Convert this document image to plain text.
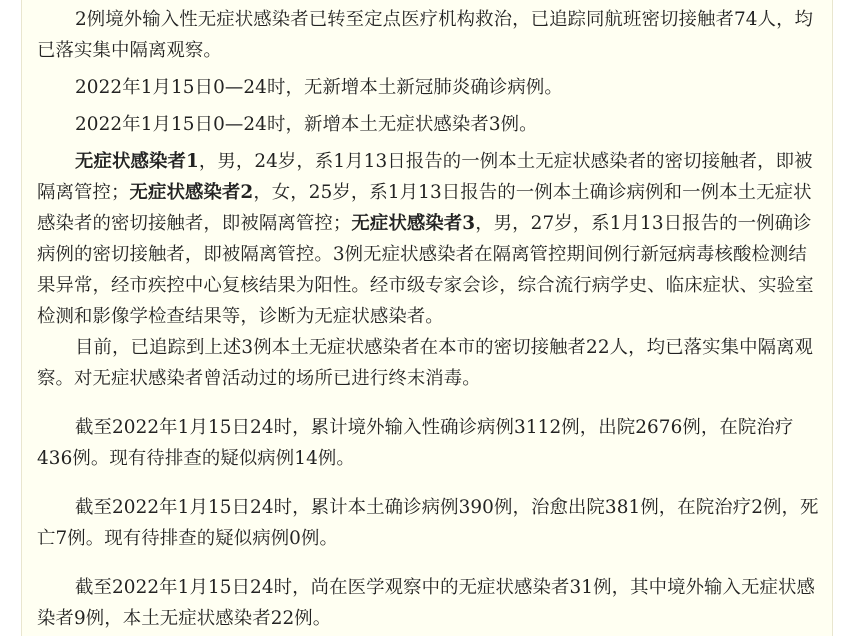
2例境外输入性无症状感染者已转至定点医疗机构救治，已追踪同航班密切接触者74人，均已落实集中隔离观察。

2022年1月15日0—24时，无新增本土新冠肺炎确诊病例。

2022年1月15日0—24时，新增本土无症状感染者3例。

无症状感染者1，男，24岁，系1月13日报告的一例本土无症状感染者的密切接触者，即被隔离管控；无症状感染者2，女，25岁，系1月13日报告的一例本土确诊病例和一例本土无症状感染者的密切接触者，即被隔离管控；无症状感染者3，男，27岁，系1月13日报告的一例确诊病例的密切接触者，即被隔离管控。3例无症状感染者在隔离管控期间例行新冠病毒核酸检测结果异常，经市疾控中心复核结果为阳性。经市级专家会诊，综合流行病学史、临床症状、实验室检测和影像学检查结果等，诊断为无症状感染者。

目前，已追踪到上述3例本土无症状感染者在本市的密切接触者22人，均已落实集中隔离观察。对无症状感染者曾活动过的场所已进行终末消毒。

截至2022年1月15日24时，累计境外输入性确诊病例3112例，出院2676例，在院治疗436例。现有待排查的疑似病例14例。

截至2022年1月15日24时，累计本土确诊病例390例，治愈出院381例，在院治疗2例，死亡7例。现有待排查的疑似病例0例。

截至2022年1月15日24时，尚在医学观察中的无症状感染者31例，其中境外输入无症状感染者9例，本土无症状感染者22例。
